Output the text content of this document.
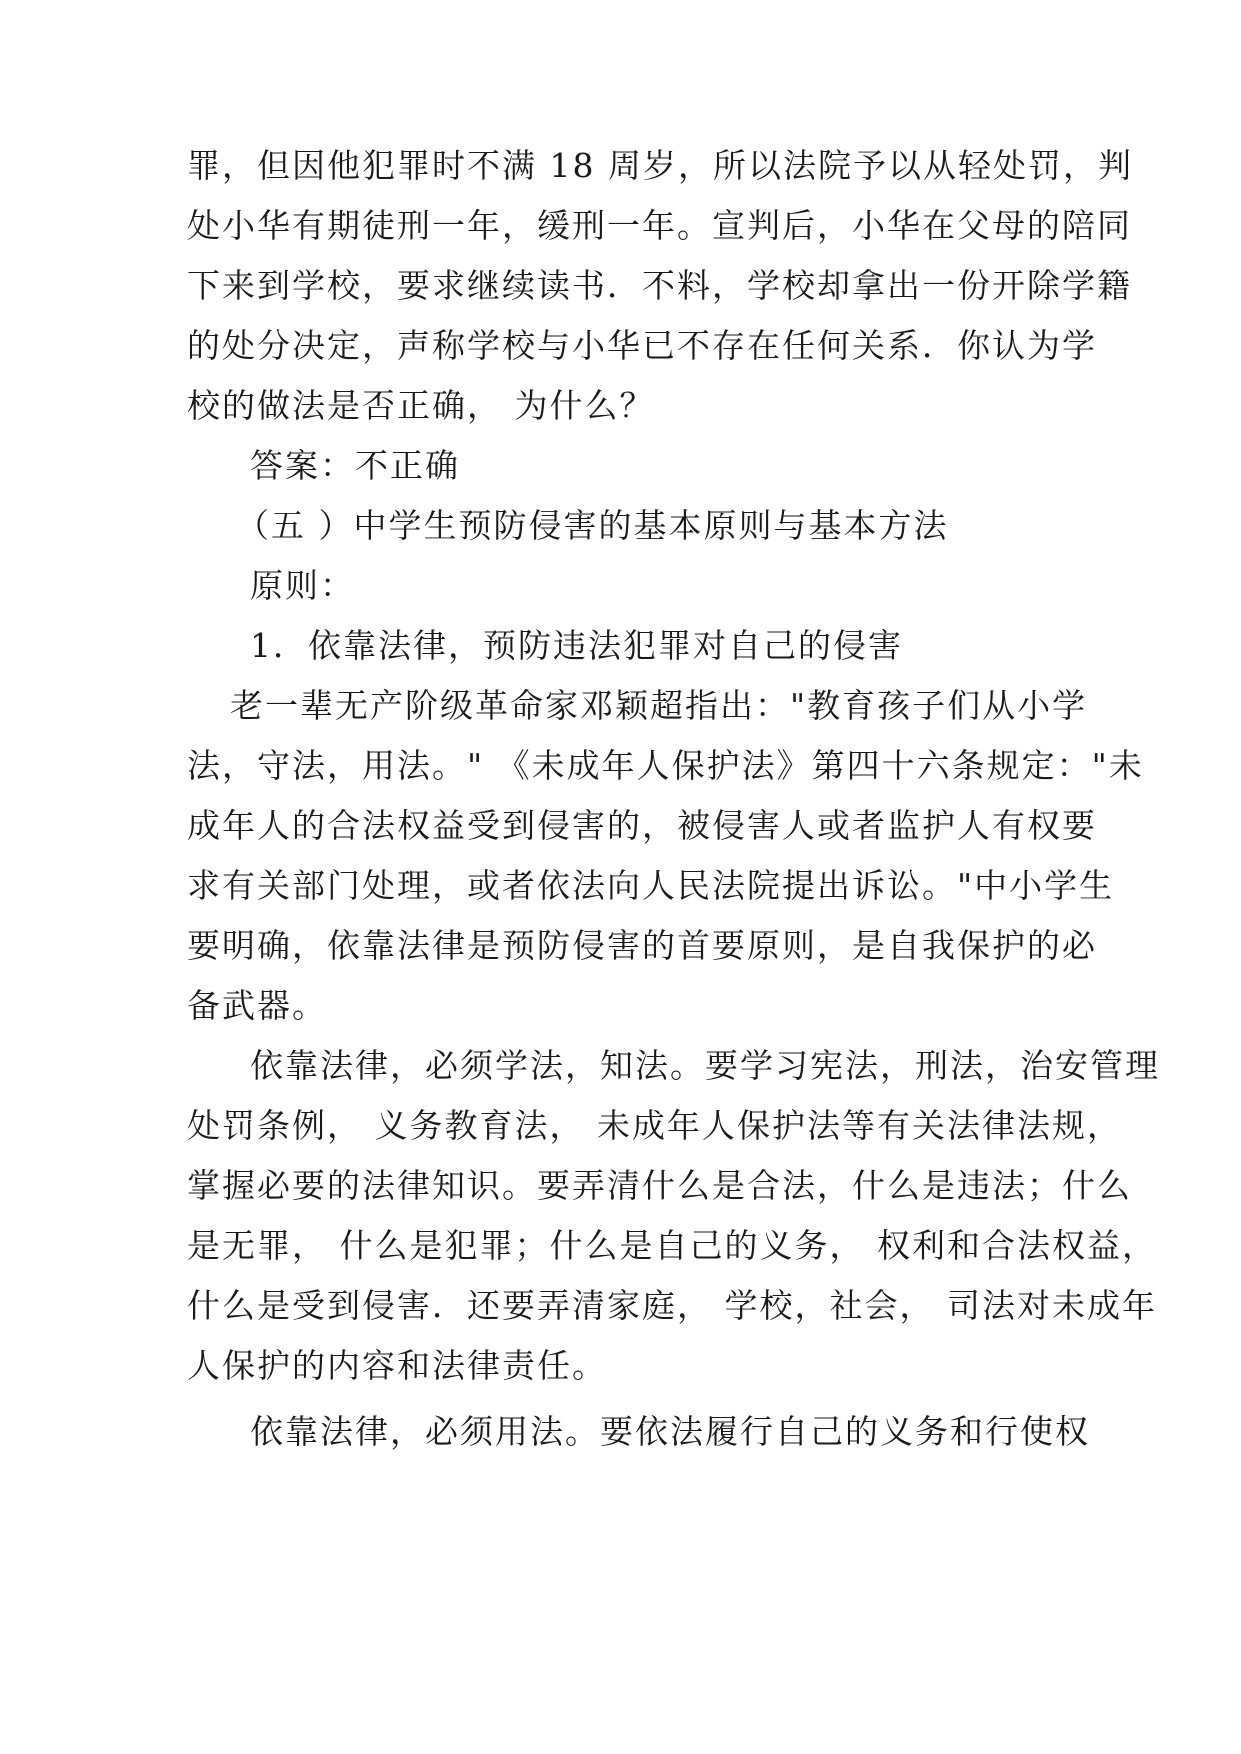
罪，但因他犯罪时不满 18 周岁，所以法院予以从轻处罚，判

处小华有期徒刑一年，缓刑一年。宣判后，小华在父母的陪同

下来到学校，要求继续读书．不料，学校却拿出一份开除学籍

的处分决定，声称学校与小华已不存在任何关系．你认为学

校的做法是否正确， 为什么？

答案：不正确

（五 ）中学生预防侵害的基本原则与基本方法

原则：

1．依靠法律，预防违法犯罪对自己的侵害

老一辈无产阶级革命家邓颖超指出："教育孩子们从小学

法，守法，用法。" 《未成年人保护法》第四十六条规定："未

成年人的合法权益受到侵害的，被侵害人或者监护人有权要

求有关部门处理，或者依法向人民法院提出诉讼。"中小学生

要明确，依靠法律是预防侵害的首要原则，是自我保护的必

备武器。

依靠法律，必须学法，知法。要学习宪法，刑法，治安管理

处罚条例， 义务教育法， 未成年人保护法等有关法律法规，

掌握必要的法律知识。要弄清什么是合法，什么是违法；什么

是无罪， 什么是犯罪；什么是自己的义务， 权利和合法权益，

什么是受到侵害．还要弄清家庭， 学校，社会， 司法对未成年

人保护的内容和法律责任。

依靠法律，必须用法。要依法履行自己的义务和行使权
